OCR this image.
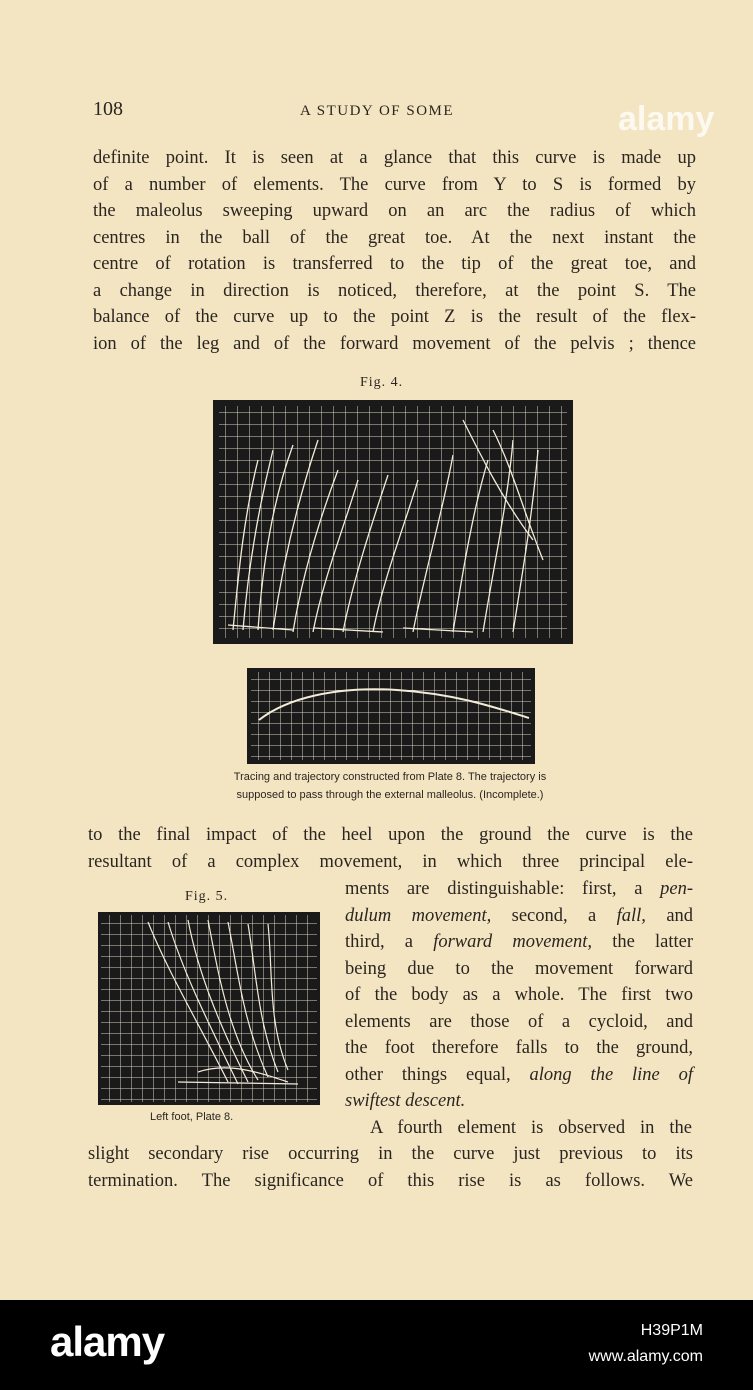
108	A STUDY OF SOME	alamy
definite point. It is seen at a glance that this curve is made up
of a number of elements. The curve from Y to S is formed by
the maleolus sweeping upward on an arc the radius of which
centres in the ball of the great toe. At the next instant the
centre of rotation is transferred to the tip of the great toe, and
a change in direction is noticed, therefore, at the point S. The
balance of the curve up to the point Z is the result of the flex-
ion of the leg and of the forward movement of the pelvis ; thence
Fig. 4.
Tracing and trajectory constructed from Plate 8. The trajectory is
supposed to pass through the external malleolus. (Incomplete.)
to the final impact of the heel upon the ground the curve is the
resultant of a complex movement, in which three principal ele-
Fig. 5.
Left foot, Plate 8.
ments are distinguishable: first, a pen-
dulum movement, second, a fall, and
third, a forward movement, the latter
being due to the movement forward
of the body as a whole. The first two
elements are those of a cycloid, and
the foot therefore falls to the ground,
other things equal, along the line of
swiftest descent.
A fourth element is observed in the
slight secondary rise occurring in the curve just previous to its
termination. The significance of this rise is as follows. We
alamy	H39P1M
www.alamy.com
